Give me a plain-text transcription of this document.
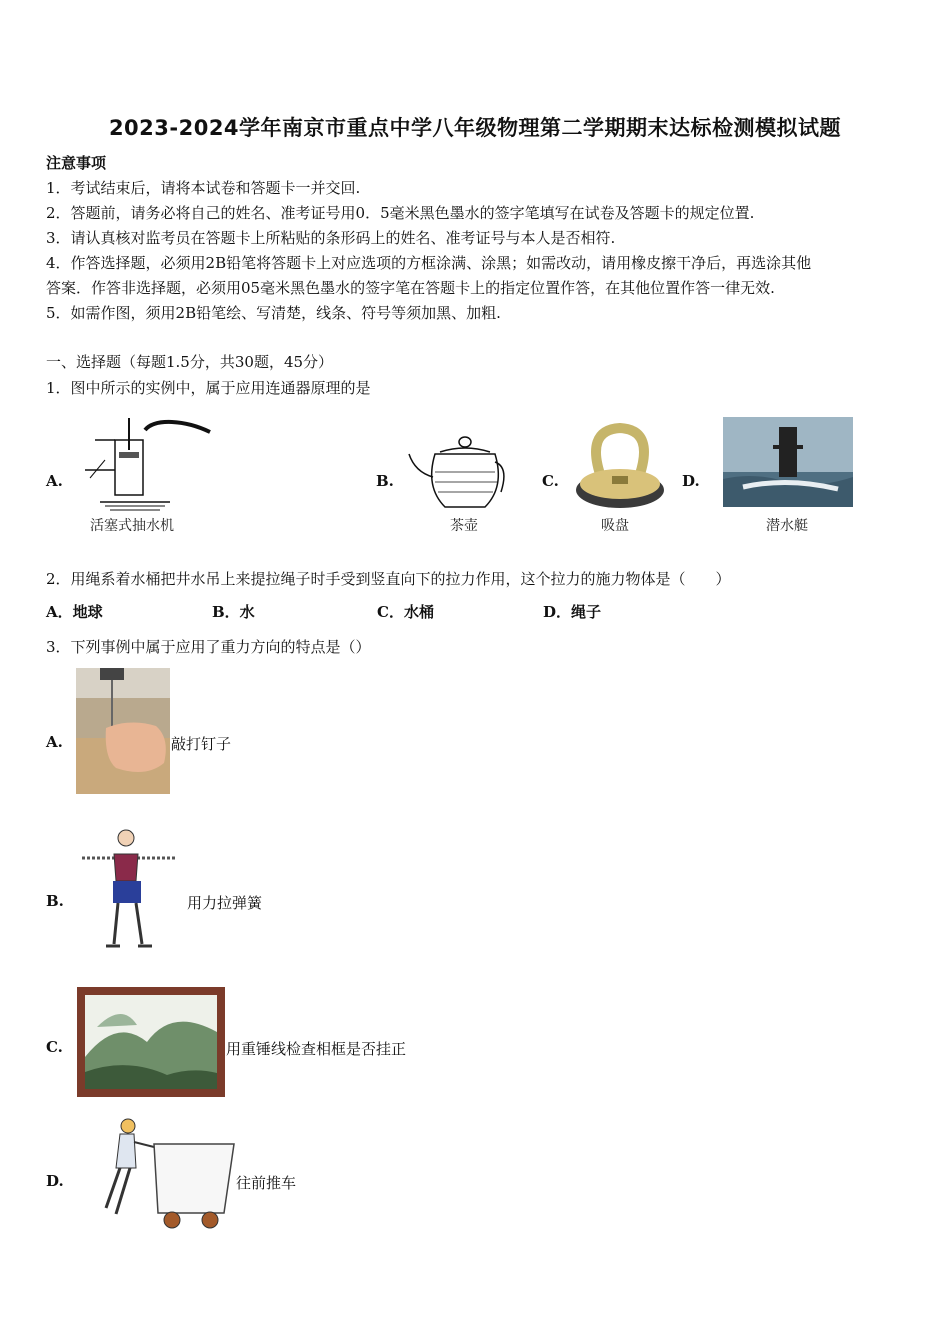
2023-2024学年南京市重点中学八年级物理第二学期期末达标检测模拟试题
注意事项
1．考试结束后，请将本试卷和答题卡一并交回.
2．答题前，请务必将自己的姓名、准考证号用0．5毫米黑色墨水的签字笔填写在试卷及答题卡的规定位置.
3．请认真核对监考员在答题卡上所粘贴的条形码上的姓名、准考证号与本人是否相符.
4．作答选择题，必须用2B铅笔将答题卡上对应选项的方框涂满、涂黑；如需改动，请用橡皮擦干净后，再选涂其他
答案．作答非选择题，必须用05毫米黑色墨水的签字笔在答题卡上的指定位置作答，在其他位置作答一律无效.
5．如需作图，须用2B铅笔绘、写清楚，线条、符号等须加黑、加粗.
一、选择题（每题1.5分，共30题，45分）
1．图中所示的实例中，属于应用连通器原理的是
A.
活塞式抽水机
B.
茶壶
C.
吸盘
D.
潜水艇
2．用绳系着水桶把井水吊上来提拉绳子时手受到竖直向下的拉力作用，这个拉力的施力物体是（　　）
A．地球	B．水	C．水桶	D．绳子
3．下列事例中属于应用了重力方向的特点是（）
A.	敲打钉子
B.	用力拉弹簧
C.	用重锤线检查相框是否挂正
D.	往前推车
